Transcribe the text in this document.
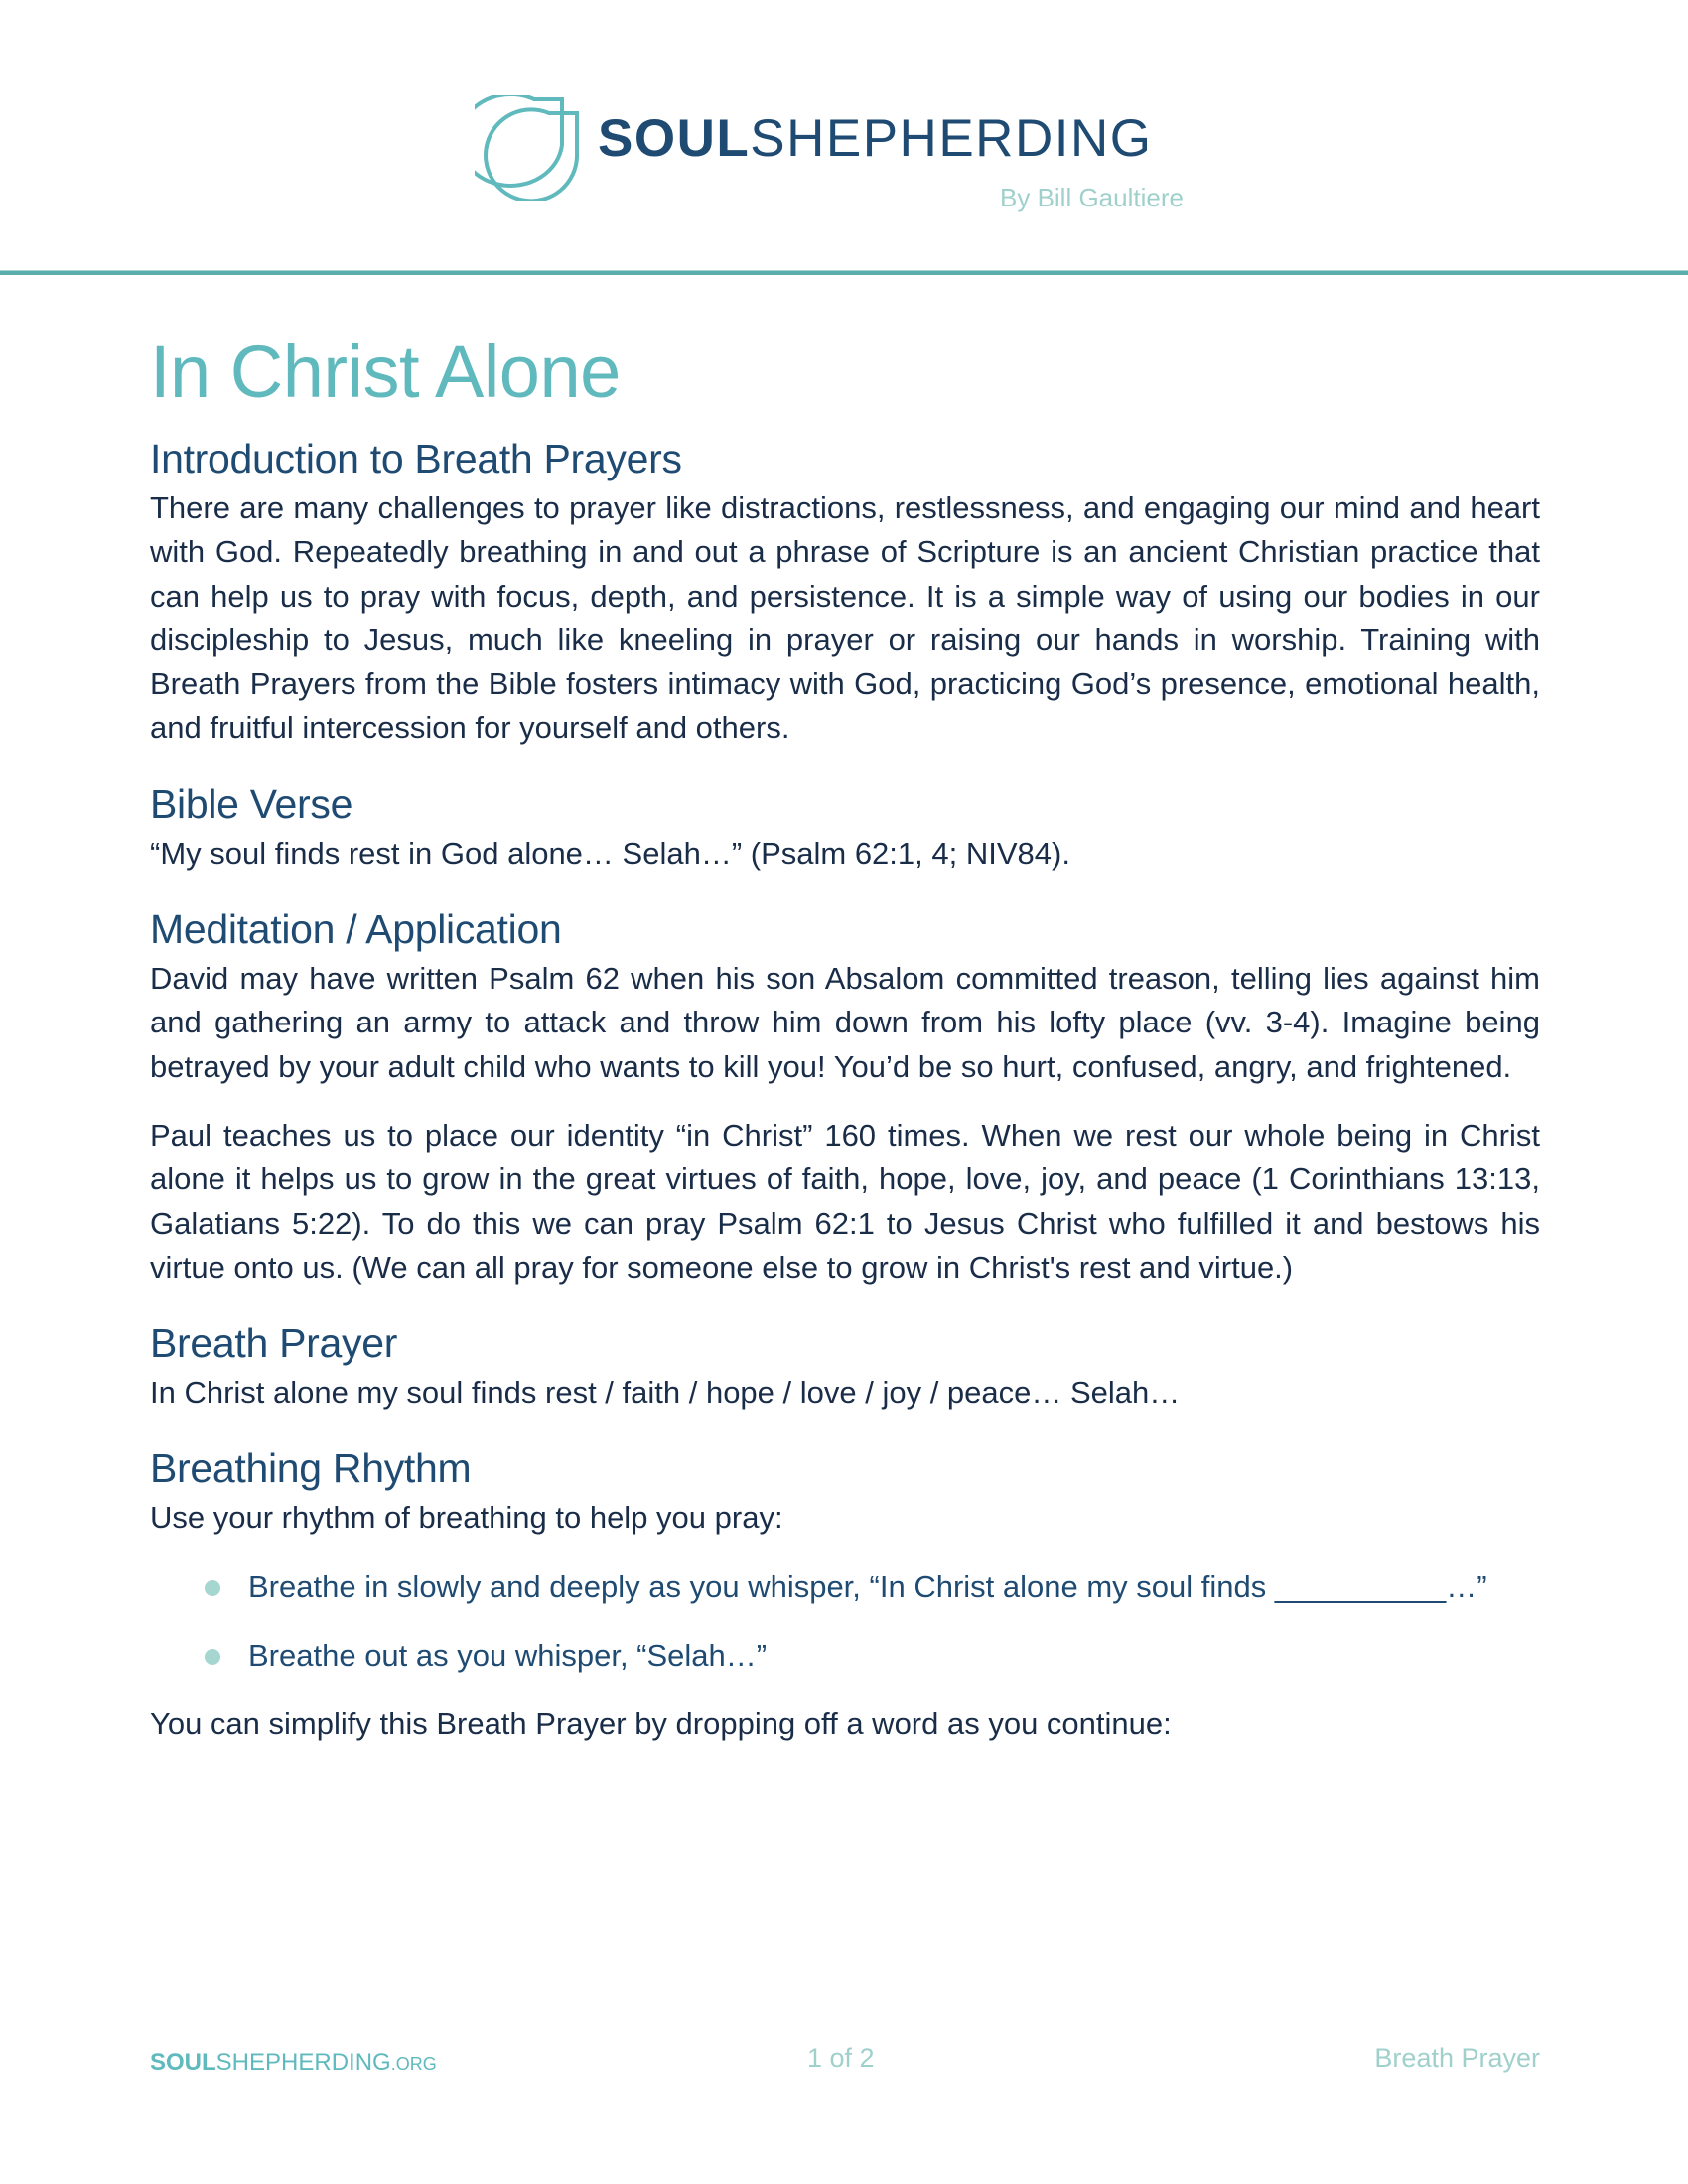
SOULSHEPHERDING
By Bill Gaultiere
In Christ Alone
Introduction to Breath Prayers

There are many challenges to prayer like distractions, restlessness, and engaging our mind and heart with God. Repeatedly breathing in and out a phrase of Scripture is an ancient Christian practice that can help us to pray with focus, depth, and persistence. It is a simple way of using our bodies in our discipleship to Jesus, much like kneeling in prayer or raising our hands in worship. Training with Breath Prayers from the Bible fosters intimacy with God, practicing God’s presence, emotional health, and fruitful intercession for yourself and others.

Bible Verse

“My soul finds rest in God alone… Selah…” (Psalm 62:1, 4; NIV84).

Meditation / Application

David may have written Psalm 62 when his son Absalom committed treason, telling lies against him and gathering an army to attack and throw him down from his lofty place (vv. 3-4). Imagine being betrayed by your adult child who wants to kill you! You’d be so hurt, confused, angry, and frightened.

Paul teaches us to place our identity “in Christ” 160 times. When we rest our whole being in Christ alone it helps us to grow in the great virtues of faith, hope, love, joy, and peace (1 Corinthians 13:13, Galatians 5:22). To do this we can pray Psalm 62:1 to Jesus Christ who fulfilled it and bestows his virtue onto us. (We can all pray for someone else to grow in Christ's rest and virtue.)

Breath Prayer

In Christ alone my soul finds rest / faith / hope / love / joy / peace… Selah…

Breathing Rhythm

Use your rhythm of breathing to help you pray:

Breathe in slowly and deeply as you whisper, “In Christ alone my soul finds __________…”
Breathe out as you whisper, “Selah…”

You can simplify this Breath Prayer by dropping off a word as you continue:

SOULSHEPHERDING.ORG	1 of 2	Breath Prayer
